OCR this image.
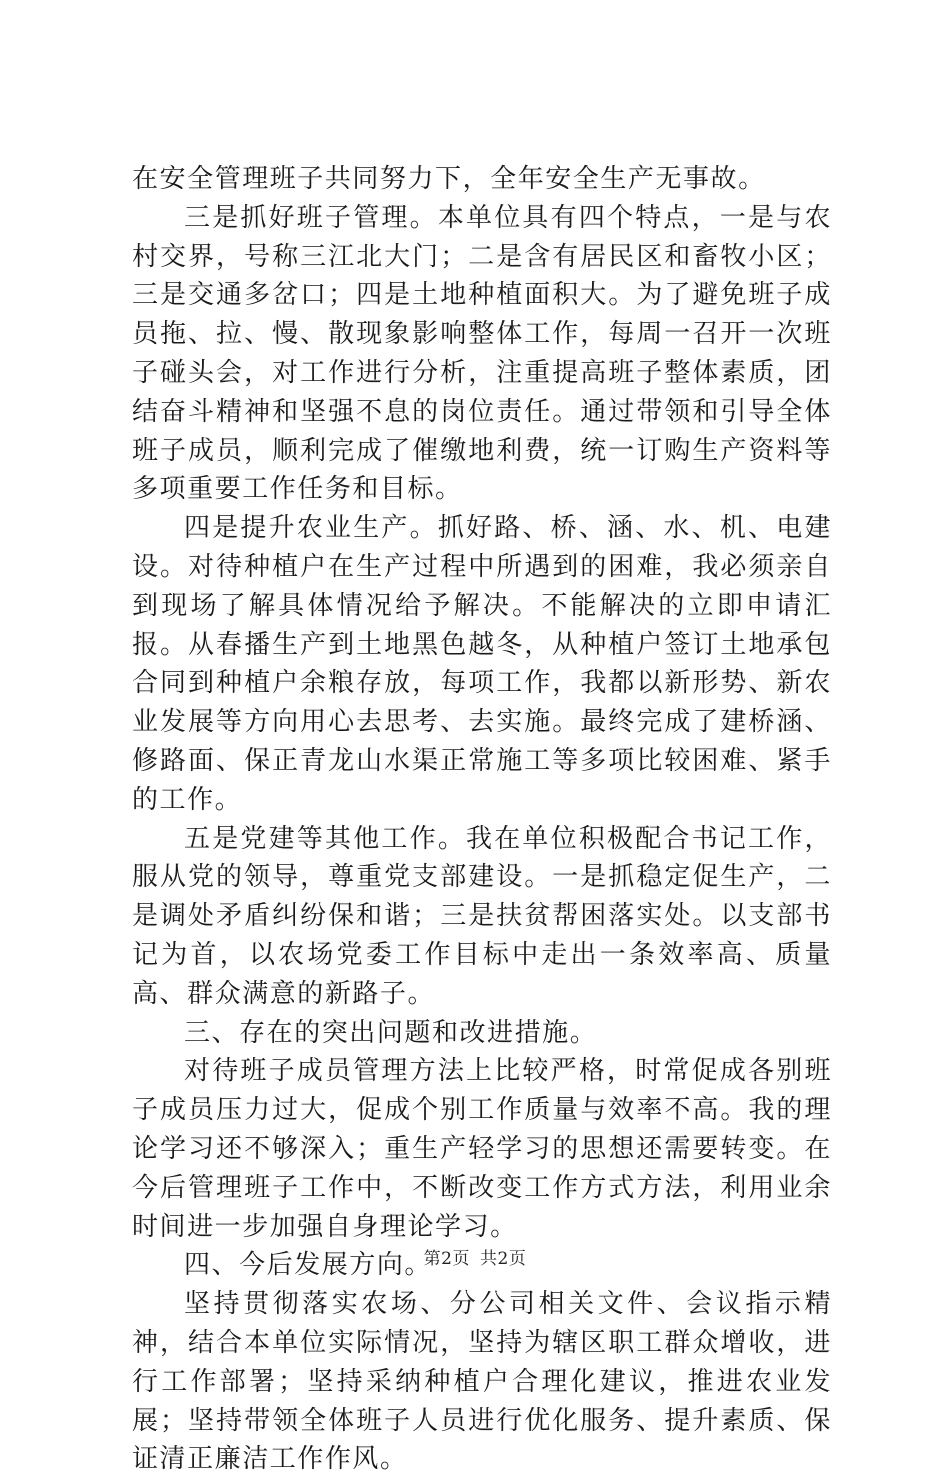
在安全管理班子共同努力下，全年安全生产无事故。

三是抓好班子管理。本单位具有四个特点，一是与农村交界，号称三江北大门；二是含有居民区和畜牧小区；三是交通多岔口；四是土地种植面积大。为了避免班子成员拖、拉、慢、散现象影响整体工作，每周一召开一次班子碰头会，对工作进行分析，注重提高班子整体素质，团结奋斗精神和坚强不息的岗位责任。通过带领和引导全体班子成员，顺利完成了催缴地利费，统一订购生产资料等多项重要工作任务和目标。

四是提升农业生产。抓好路、桥、涵、水、机、电建设。对待种植户在生产过程中所遇到的困难，我必须亲自到现场了解具体情况给予解决。不能解决的立即申请汇报。从春播生产到土地黑色越冬，从种植户签订土地承包合同到种植户余粮存放，每项工作，我都以新形势、新农业发展等方向用心去思考、去实施。最终完成了建桥涵、修路面、保正青龙山水渠正常施工等多项比较困难、紧手的工作。

五是党建等其他工作。我在单位积极配合书记工作，服从党的领导，尊重党支部建设。一是抓稳定促生产，二是调处矛盾纠纷保和谐；三是扶贫帮困落实处。以支部书记为首，以农场党委工作目标中走出一条效率高、质量高、群众满意的新路子。

三、存在的突出问题和改进措施。

对待班子成员管理方法上比较严格，时常促成各别班子成员压力过大，促成个别工作质量与效率不高。我的理论学习还不够深入；重生产轻学习的思想还需要转变。在今后管理班子工作中，不断改变工作方式方法，利用业余时间进一步加强自身理论学习。

四、今后发展方向。

坚持贯彻落实农场、分公司相关文件、会议指示精神，结合本单位实际情况，坚持为辖区职工群众增收，进行工作部署；坚持采纳种植户合理化建议，推进农业发展；坚持带领全体班子人员进行优化服务、提升素质、保证清正廉洁工作作风。

第2页 共2页
